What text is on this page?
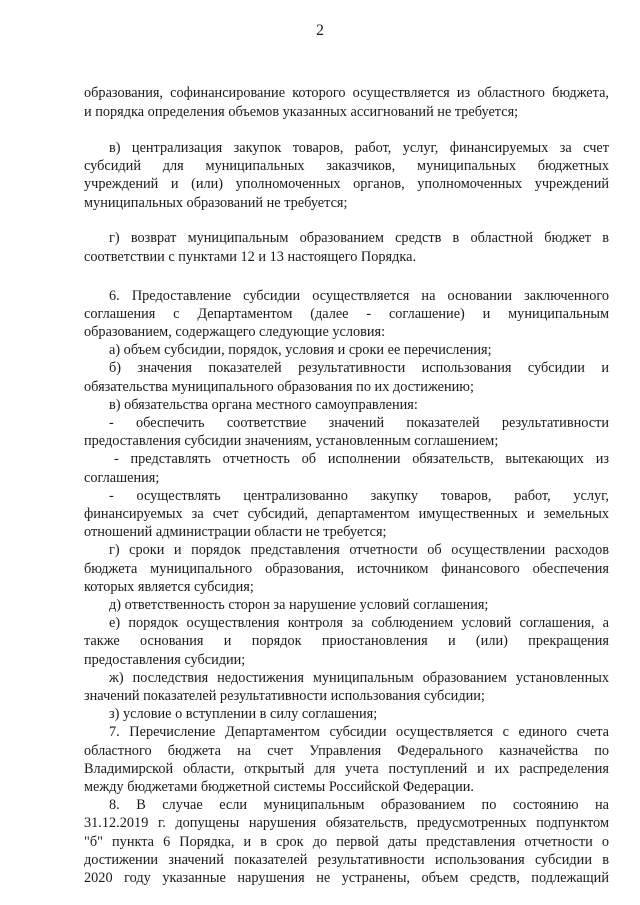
2
образования, софинансирование которого осуществляется из областного бюджета,
и порядка определения объемов указанных ассигнований не требуется;
в) централизация закупок товаров, работ, услуг, финансируемых за счет
субсидий для муниципальных заказчиков, муниципальных бюджетных
учреждений и (или) уполномоченных органов, уполномоченных учреждений
муниципальных образований не требуется;
г) возврат муниципальным образованием средств в областной бюджет в
соответствии с пунктами 12 и 13 настоящего Порядка.
6. Предоставление субсидии осуществляется на основании заключенного
соглашения с Департаментом (далее - соглашение) и муниципальным
образованием, содержащего следующие условия:
а) объем субсидии, порядок, условия и сроки ее перечисления;
б) значения показателей результативности использования субсидии и
обязательства муниципального образования по их достижению;
в) обязательства органа местного самоуправления:
- обеспечить соответствие значений показателей результативности
предоставления субсидии значениям, установленным соглашением;
- представлять отчетность об исполнении обязательств, вытекающих из
соглашения;
- осуществлять централизованно закупку товаров, работ, услуг,
финансируемых за счет субсидий, департаментом имущественных и земельных
отношений администрации области не требуется;
г) сроки и порядок представления отчетности об осуществлении расходов
бюджета муниципального образования, источником финансового обеспечения
которых является субсидия;
д) ответственность сторон за нарушение условий соглашения;
е) порядок осуществления контроля за соблюдением условий соглашения, а
также основания и порядок приостановления и (или) прекращения
предоставления субсидии;
ж) последствия недостижения муниципальным образованием установленных
значений показателей результативности использования субсидии;
з) условие о вступлении в силу соглашения;
7. Перечисление Департаментом субсидии осуществляется с единого счета
областного бюджета на счет Управления Федерального казначейства по
Владимирской области, открытый для учета поступлений и их распределения
между бюджетами бюджетной системы Российской Федерации.
8. В случае если муниципальным образованием по состоянию на
31.12.2019 г. допущены нарушения обязательств, предусмотренных подпунктом
"б" пункта 6 Порядка, и в срок до первой даты представления отчетности о
достижении значений показателей результативности использования субсидии в
2020 году указанные нарушения не устранены, объем средств, подлежащий
